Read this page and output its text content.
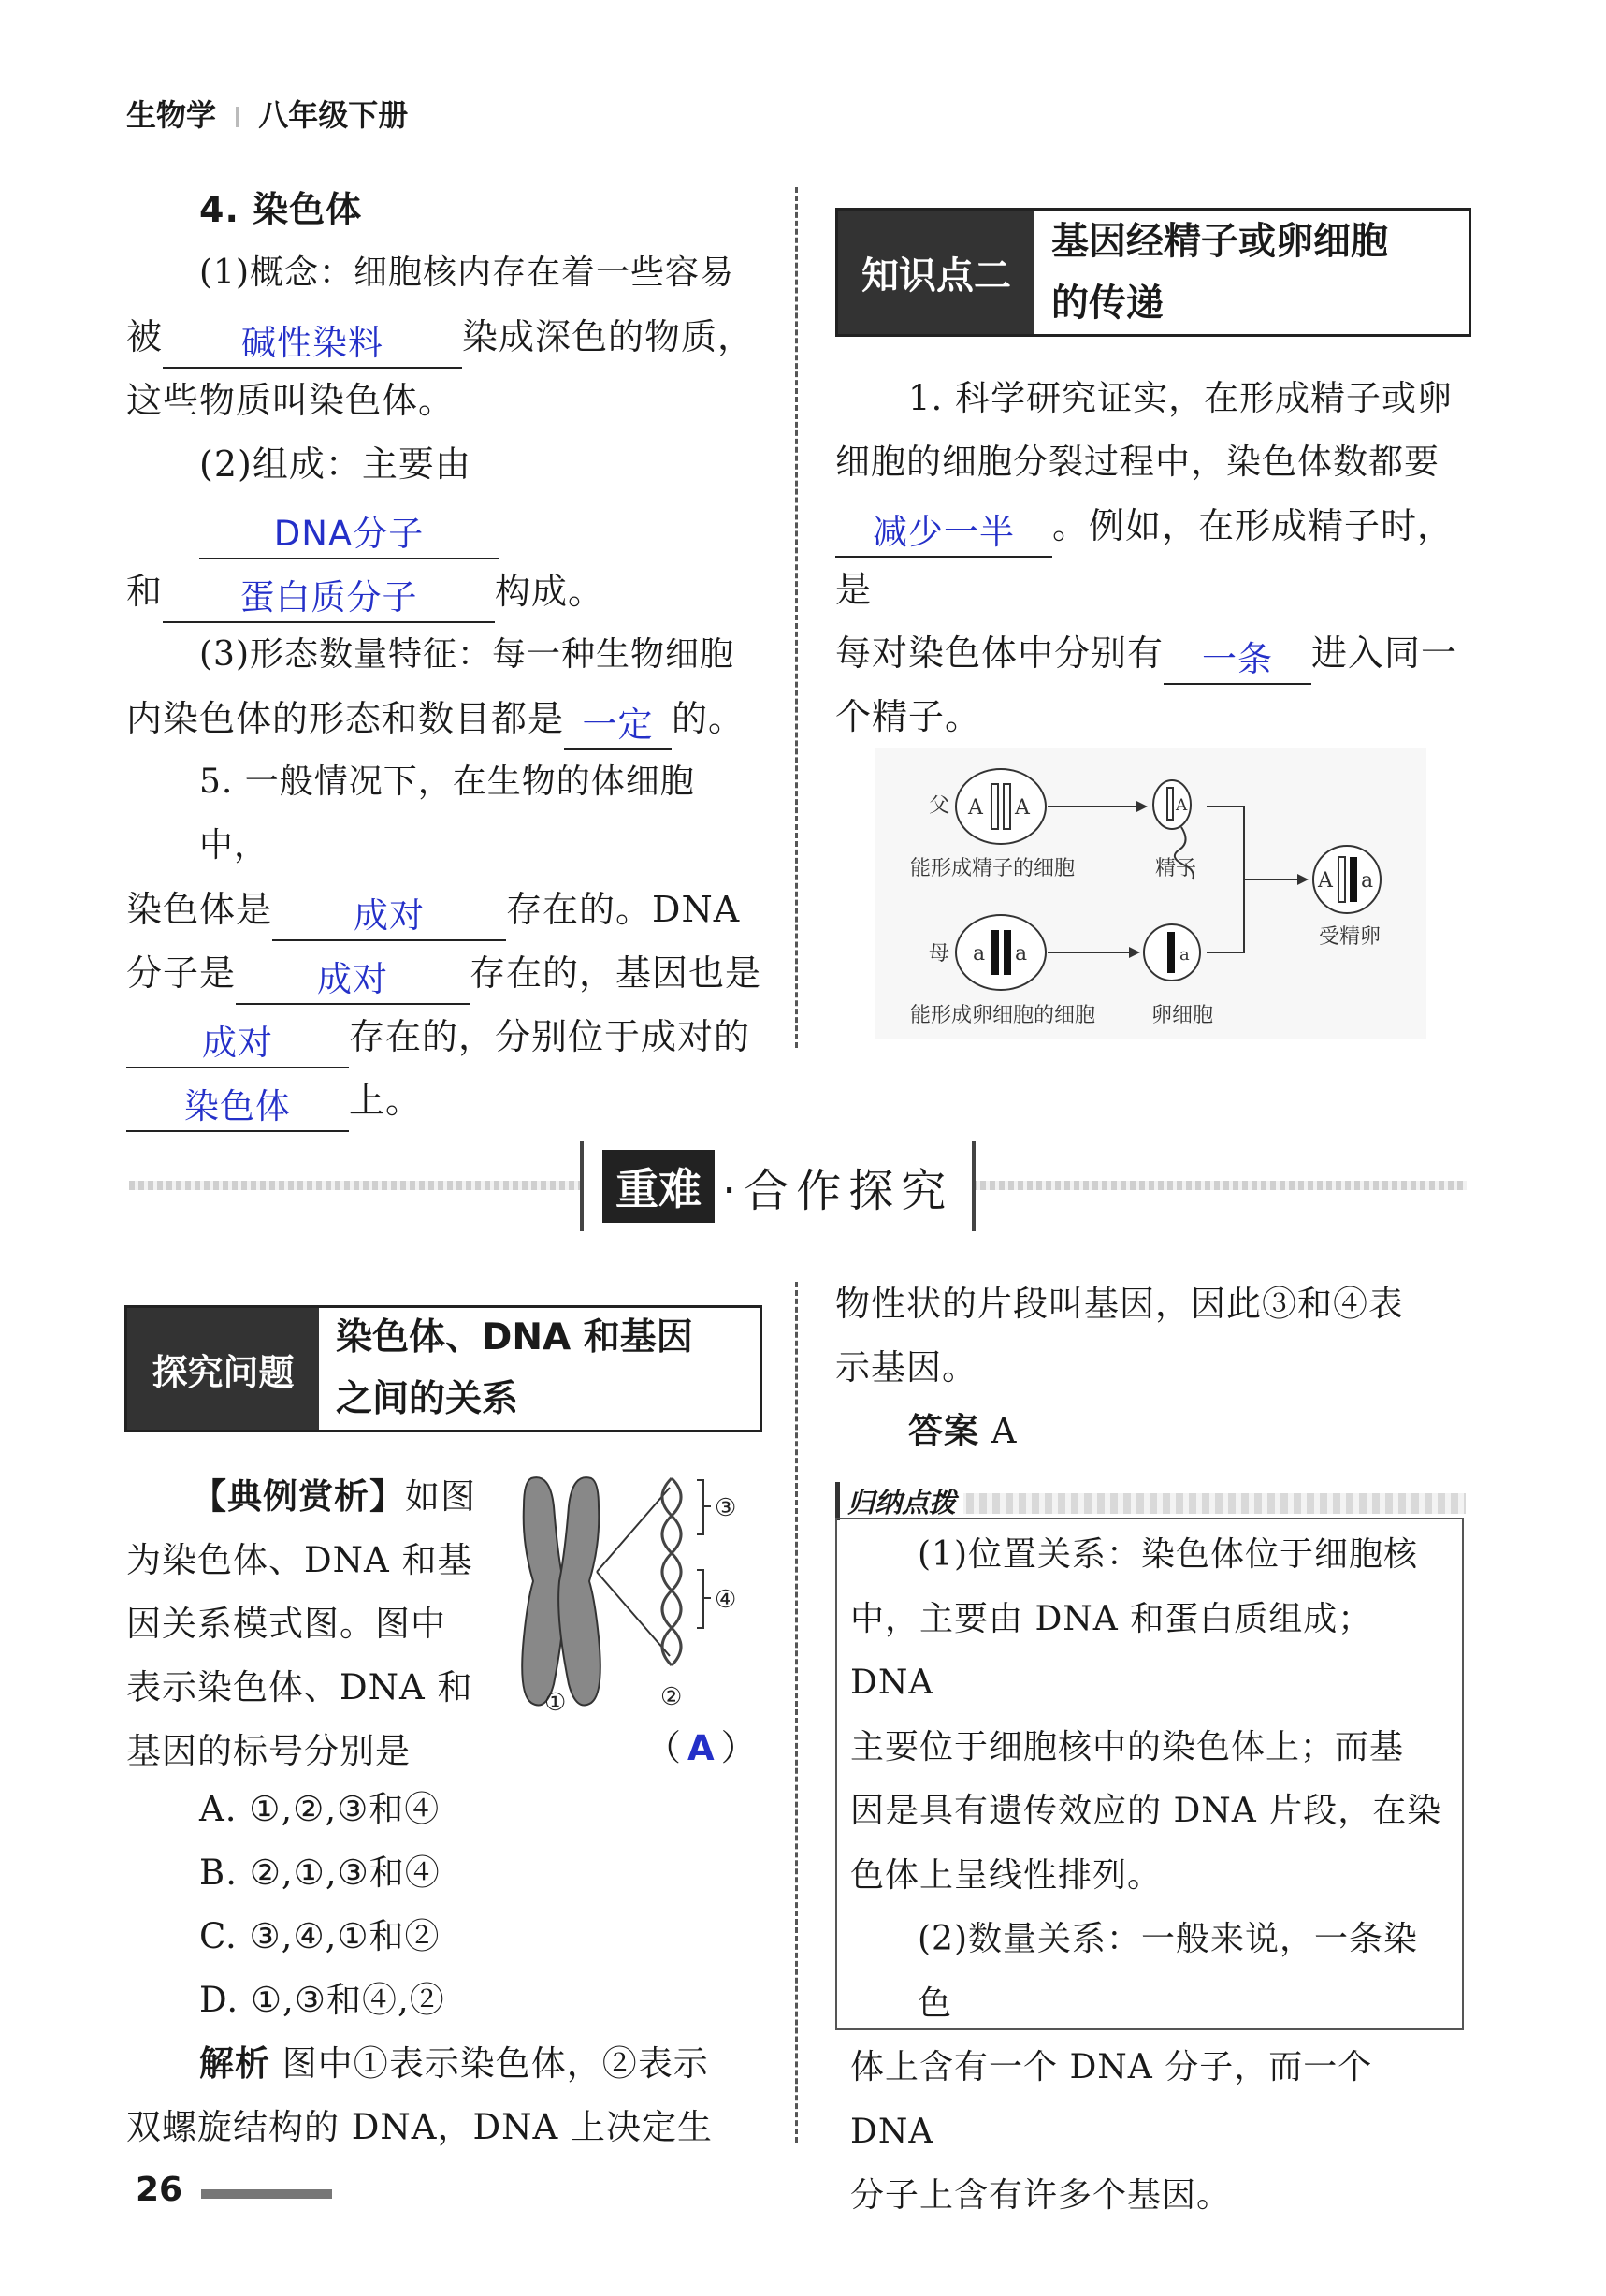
生物学 八年级下册
4. 染色体
(1)概念：细胞核内存在着一些容易
被 碱性染料 染成深色的物质，
这些物质叫染色体。
(2)组成：主要由DNA分子
和 蛋白质分子 构成。
(3)形态数量特征：每一种生物细胞
内染色体的形态和数目都是 一定 的。
5. 一般情况下，在生物的体细胞中，
染色体是 成对 存在的。DNA
分子是 成对 存在的，基因也是
成对 存在的，分别位于成对的
染色体 上。
知识点二
基因经精子或卵细胞
的传递
1. 科学研究证实，在形成精子或卵
细胞的细胞分裂过程中，染色体数都要
减少一半 。例如，在形成精子时，是
每对染色体中分别有 一条 进入同一
个精子。
父 A A
能形成精子的细胞
A
精子
母 a a
能形成卵细胞的细胞
a
卵细胞
A a
受精卵
重难 ·合作探究
探究问题
染色体、DNA 和基因
之间的关系
【典例赏析】如图
为染色体、DNA 和基
因关系模式图。图中
表示染色体、DNA 和
基因的标号分别是	（ A ）
③
④
①	②
A. ①,②,③和④
B. ②,①,③和④
C. ③,④,①和②
D. ①,③和④,②
解析 图中①表示染色体，②表示
双螺旋结构的 DNA，DNA 上决定生
物性状的片段叫基因，因此③和④表
示基因。
答案 A
归纳点拨
(1)位置关系：染色体位于细胞核
中，主要由 DNA 和蛋白质组成；DNA
主要位于细胞核中的染色体上；而基
因是具有遗传效应的 DNA 片段，在染
色体上呈线性排列。
(2)数量关系：一般来说，一条染色
体上含有一个 DNA 分子，而一个 DNA
分子上含有许多个基因。
26
